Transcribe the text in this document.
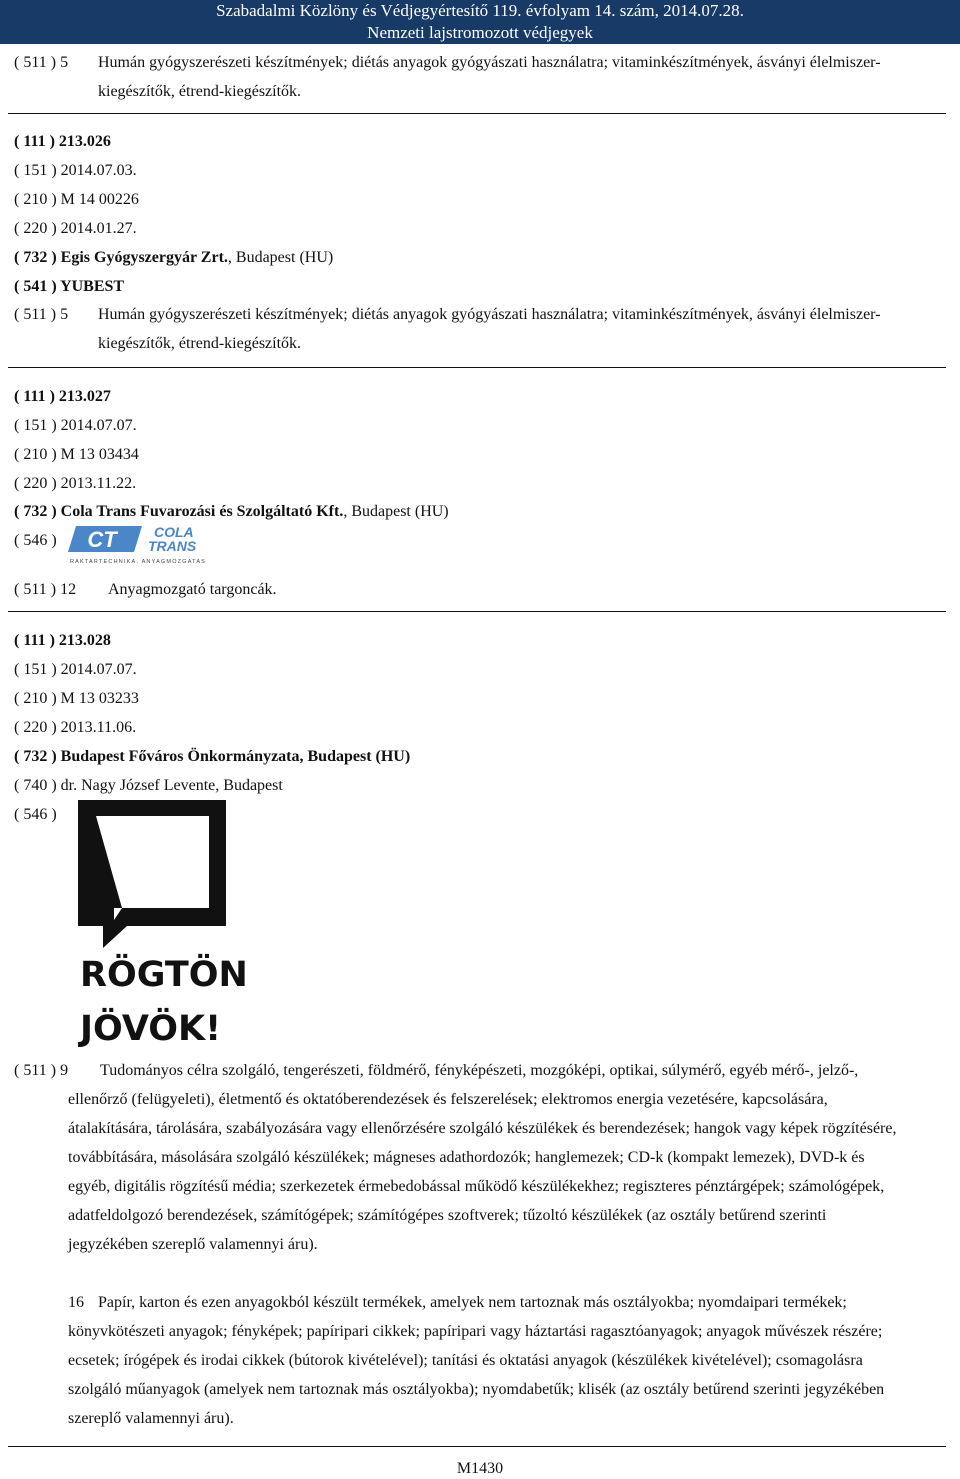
Szabadalmi Közlöny és Védjegyértesítő 119. évfolyam 14. szám, 2014.07.28.
Nemzeti lajstromozott védjegyek
( 511 ) 5 Humán gyógyszerészeti készítmények; diétás anyagok gyógyászati használatra; vitaminkészítmények, ásványi élelmiszer-kiegészítők, étrend-kiegészítők.
( 111 ) 213.026
( 151 ) 2014.07.03.
( 210 ) M 14 00226
( 220 ) 2014.01.27.
( 732 ) Egis Gyógyszergyár Zrt., Budapest (HU)
( 541 ) YUBEST
( 511 ) 5 Humán gyógyszerészeti készítmények; diétás anyagok gyógyászati használatra; vitaminkészítmények, ásványi élelmiszer-kiegészítők, étrend-kiegészítők.
( 111 ) 213.027
( 151 ) 2014.07.07.
( 210 ) M 13 03434
( 220 ) 2013.11.22.
( 732 ) Cola Trans Fuvarozási és Szolgáltató Kft., Budapest (HU)
( 546 ) CT	COLA
TRANS
RAKTARTECHNIKA, ANYAGMOZGATAS
( 511 ) 12 Anyagmozgató targoncák.
( 111 ) 213.028
( 151 ) 2014.07.07.
( 210 ) M 13 03233
( 220 ) 2013.11.06.
( 732 ) Budapest Főváros Önkormányzata, Budapest (HU)
( 740 ) dr. Nagy József Levente, Budapest
( 546 )
RÖGTÖN
JÖVÖK!
( 511 ) 9	Tudományos célra szolgáló, tengerészeti, földmérő, fényképészeti, mozgóképi, optikai, súlymérő, egyéb mérő-, jelző-, ellenőrző (felügyeleti), életmentő és oktatóberendezések és felszerelések; elektromos energia vezetésére, kapcsolására, átalakítására, tárolására, szabályozására vagy ellenőrzésére szolgáló készülékek és berendezések; hangok vagy képek rögzítésére, továbbítására, másolására szolgáló készülékek; mágneses adathordozók; hanglemezek; CD-k (kompakt lemezek), DVD-k és egyéb, digitális rögzítésű média; szerkezetek érmebedobással működő készülékekhez; regiszteres pénztárgépek; számológépek, adatfeldolgozó berendezések, számítógépek; számítógépes szoftverek; tűzoltó készülékek (az osztály betűrend szerinti jegyzékében szereplő valamennyi áru).
16 Papír, karton és ezen anyagokból készült termékek, amelyek nem tartoznak más osztályokba; nyomdaipari termékek; könyvkötészeti anyagok; fényképek; papíripari cikkek; papíripari vagy háztartási ragasztóanyagok; anyagok művészek részére; ecsetek; írógépek és irodai cikkek (bútorok kivételével); tanítási és oktatási anyagok (készülékek kivételével); csomagolásra szolgáló műanyagok (amelyek nem tartoznak más osztályokba); nyomdabetűk; klisék (az osztály betűrend szerinti jegyzékében szereplő valamennyi áru).
M1430
